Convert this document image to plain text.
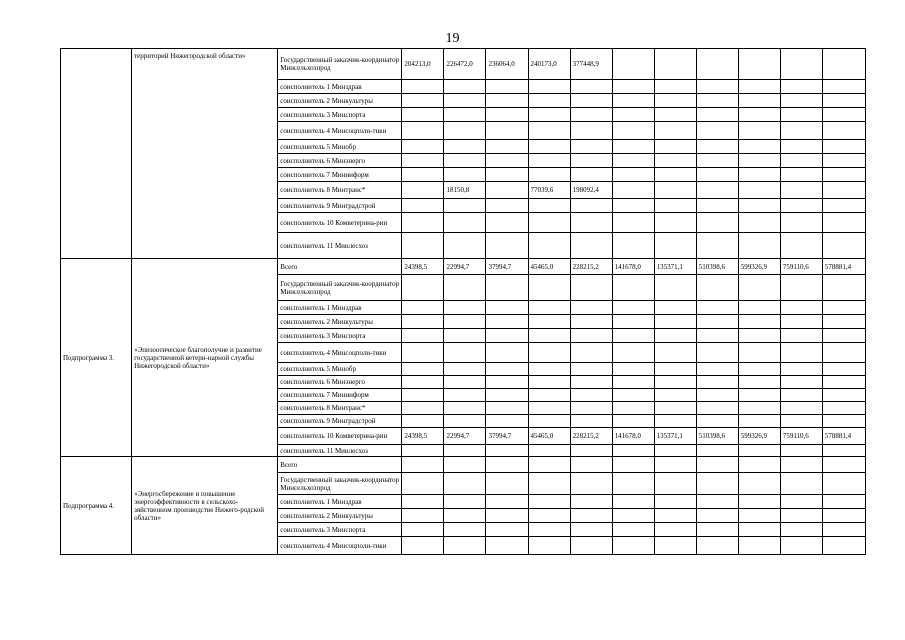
19
	территорий Нижегородской области»	Государственный заказчик-координатор Минсельхозпрод	204213,0	226472,0	236064,0	240173,0	377448,9						
		соисполнитель 1 Минздрав											
		соисполнитель 2 Минкультуры											
		соисполнитель 3 Минспорта											
		соисполнитель 4 Минсоцполи-тики											
		соисполнитель 5 Минобр											
		соисполнитель 6 Минэнерго											
		соисполнитель 7 Мининформ											
		соисполнитель 8 Минтранс*		18150,8		77039,6	198092,4						
		соисполнитель 9 Минградстрой											
		соисполнитель 10 Комветерина-рии											
		соисполнитель 11 Минлесхоз											
Подпрограмма 3.	«Эпизоотическое благополучие и развитие государственной ветери-нарной службы Нижегородской области»	Всего	24398,5	22994,7	37994,7	45465,0	228215,2	141678,0	135371,1	510398,6	599326,9	759110,6	578881,4
		Государственный заказчик-координатор Минсельхозпрод											
		соисполнитель 1 Минздрав											
		соисполнитель 2 Минкультуры											
		соисполнитель 3 Минспорта											
		соисполнитель 4 Минсоцполи-тики											
		соисполнитель 5 Минобр											
		соисполнитель 6 Минэнерго											
		соисполнитель 7 Мининформ											
		соисполнитель 8 Минтранс*											
		соисполнитель 9 Минградстрой											
		соисполнитель 10 Комветерина-рии	24398,5	22994,7	37994,7	45465,0	228215,2	141678,0	135371,1	510398,6	599326,9	759110,6	578881,4
		соисполнитель 11 Минлесхоз											
Подпрограмма 4.	«Энергосбережение и повышение энергоэффективности в сельскохо-зяйственном производстве Нижего-родской области»	Всего											
		Государственный заказчик-координатор Минсельхозпрод											
		соисполнитель 1 Минздрав											
		соисполнитель 2 Минкультуры											
		соисполнитель 3 Минспорта											
		соисполнитель 4 Минсоцполи-тики											
